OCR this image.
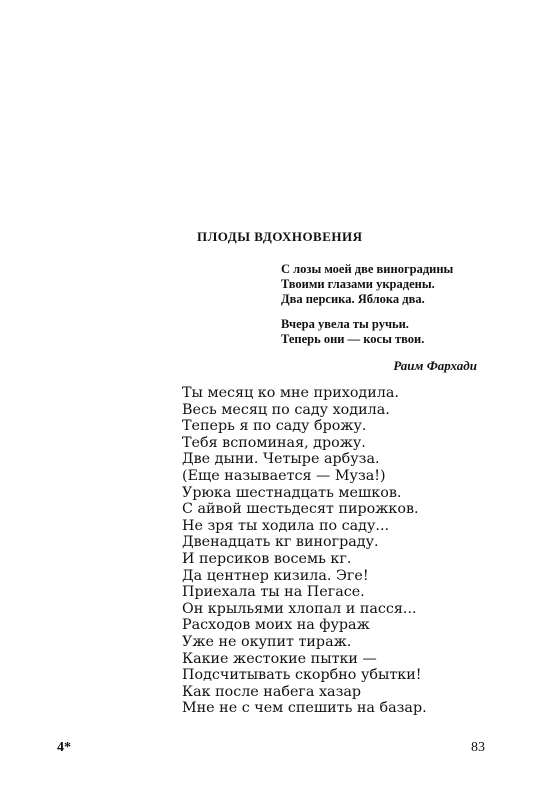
ПЛОДЫ ВДОХНОВЕНИЯ
С лозы моей две виноградины
Твоими глазами украдены.
Два персика. Яблока два.
Вчера увела ты ручьи.
Теперь они — косы твои.
Раим Фархади
Ты месяц ко мне приходила.
Весь месяц по саду ходила.
Теперь я по саду брожу.
Тебя вспоминая, дрожу.
Две дыни. Четыре арбуза.
(Еще называется — Муза!)
Урюка шестнадцать мешков.
С айвой шестьдесят пирожков.
Не зря ты ходила по саду...
Двенадцать кг винограду.
И персиков восемь кг.
Да центнер кизила. Эге!
Приехала ты на Пегасе.
Он крыльями хлопал и пасся...
Расходов моих на фураж
Уже не окупит тираж.
Какие жестокие пытки —
Подсчитывать скорбно убытки!
Как после набега хазар
Мне не с чем спешить на базар.
4*	83
